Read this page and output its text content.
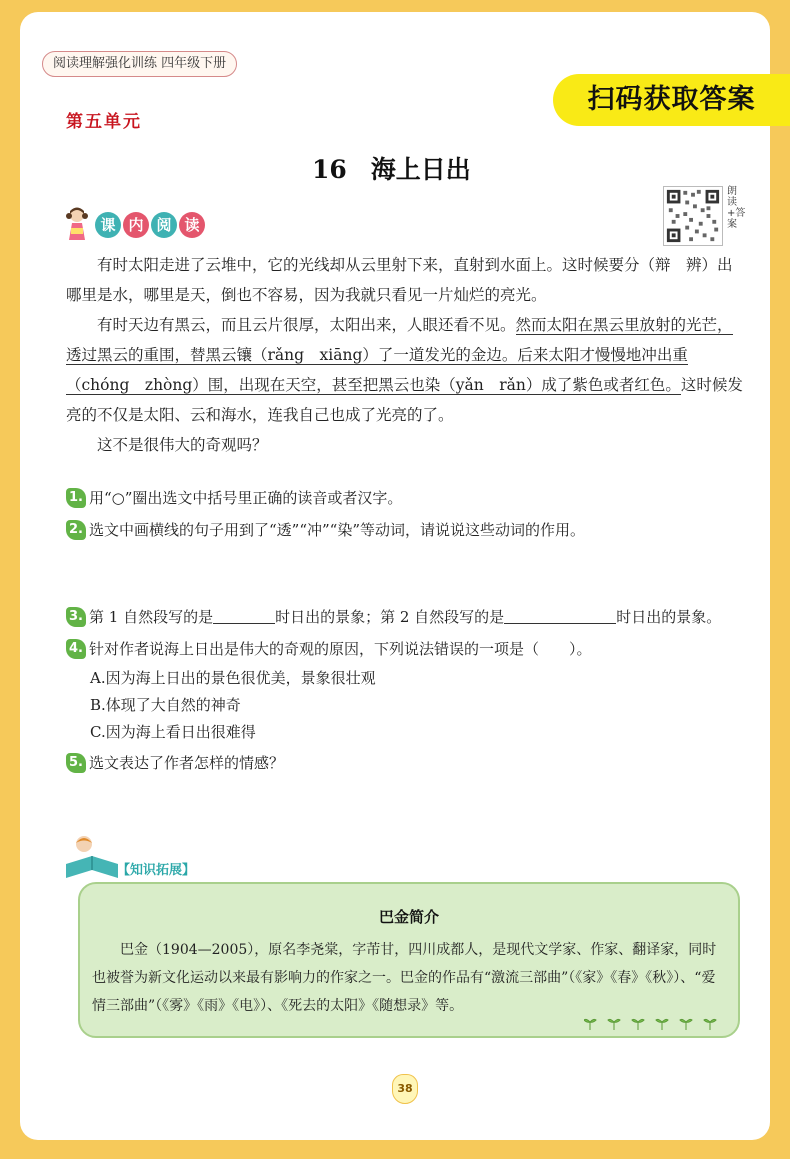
阅读理解强化训练 四年级下册
扫码获取答案
第五单元
16 海上日出
朗读+答案
课 内 阅 读

有时太阳走进了云堆中，它的光线却从云里射下来，直射到水面上。这时候要分（辩　辨）出哪里是水，哪里是天，倒也不容易，因为我就只看见一片灿烂的亮光。

有时天边有黑云，而且云片很厚，太阳出来，人眼还看不见。然而太阳在黑云里放射的光芒，透过黑云的重围，替黑云镶（rǎng　xiāng）了一道发光的金边。后来太阳才慢慢地冲出重（chóng　zhòng）围，出现在天空，甚至把黑云也染（yǎn　rǎn）成了紫色或者红色。这时候发亮的不仅是太阳、云和海水，连我自己也成了光亮的了。

这不是很伟大的奇观吗？

1. 用“○”圈出选文中括号里正确的读音或者汉字。
2. 选文中画横线的句子用到了“透”“冲”“染”等动词，请说说这些动词的作用。
3. 第 1 自然段写的是	时日出的景象；第 2 自然段写的是	时日出的景象。
4. 针对作者说海上日出是伟大的奇观的原因，下列说法错误的一项是（　　）。
A.因为海上日出的景色很优美，景象很壮观
B.体现了大自然的神奇
C.因为海上看日出很难得
5. 选文表达了作者怎样的情感？
【知识拓展】
巴金简介

巴金（1904—2005），原名李尧棠，字芾甘，四川成都人，是现代文学家、作家、翻译家，同时也被誉为新文化运动以来最有影响力的作家之一。巴金的作品有“激流三部曲”（《家》《春》《秋》）、“爱情三部曲”（《雾》《雨》《电》）、《死去的太阳》《随想录》等。

38
